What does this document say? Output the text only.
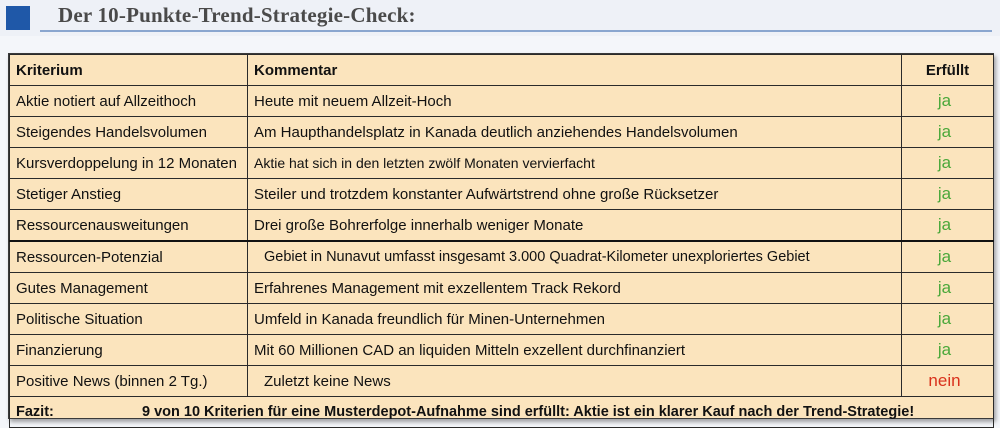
Der 10-Punkte-Trend-Strategie-Check:
Kriterium	Kommentar	Erfüllt
Aktie notiert auf Allzeithoch	Heute mit neuem Allzeit-Hoch	ja
Steigendes Handelsvolumen	Am Haupthandelsplatz in Kanada deutlich anziehendes Handelsvolumen	ja
Kursverdoppelung in 12 Monaten	Aktie hat sich in den letzten zwölf Monaten vervierfacht	ja
Stetiger Anstieg	Steiler und trotzdem konstanter Aufwärtstrend ohne große Rücksetzer	ja
Ressourcenausweitungen	Drei große Bohrerfolge innerhalb weniger Monate	ja
Ressourcen-Potenzial	Gebiet in Nunavut umfasst insgesamt 3.000 Quadrat-Kilometer unexploriertes Gebiet	ja
Gutes Management	Erfahrenes Management mit exzellentem Track Rekord	ja
Politische Situation	Umfeld in Kanada freundlich für Minen-Unternehmen	ja
Finanzierung	Mit 60 Millionen CAD an liquiden Mitteln exzellent durchfinanziert	ja
Positive News (binnen 2 Tg.)	Zuletzt keine News	nein
Fazit: 9 von 10 Kriterien für eine Musterdepot-Aufnahme sind erfüllt: Aktie ist ein klarer Kauf nach der Trend-Strategie!		
